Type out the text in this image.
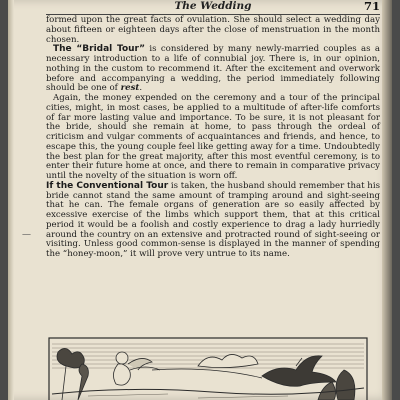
The Wedding	71

formed upon the great facts of ovulation. She should select a wedding day about fifteen or eighteen days after the close of menstruation in the month chosen.

The “Bridal Tour” is considered by many newly-married couples as a necessary introduction to a life of connubial joy. There is, in our opinion, nothing in the custom to recommend it. After the excitement and overwork before and accompanying a wedding, the period immediately following should be one of rest.

Again, the money expended on the ceremony and a tour of the principal cities, might, in most cases, be applied to a multitude of after-life comforts of far more lasting value and importance. To be sure, it is not pleasant for the bride, should she remain at home, to pass through the ordeal of criticism and vulgar comments of acquaintances and friends, and hence, to escape this, the young couple feel like getting away for a time. Undoubtedly the best plan for the great majority, after this most eventful ceremony, is to enter their future home at once, and there to remain in comparative privacy until the novelty of the situation is worn off.

If the Conventional Tour is taken, the husband should remember that his bride cannot stand the same amount of tramping around and sight-seeing that he can. The female organs of generation are so easily affected by excessive exercise of the limbs which support them, that at this critical period it would be a foolish and costly experience to drag a lady hurriedly around the country on an extensive and protracted round of sight-seeing or visiting. Unless good common-sense is displayed in the manner of spending the “honey-moon,” it will prove very untrue to its name.

—
